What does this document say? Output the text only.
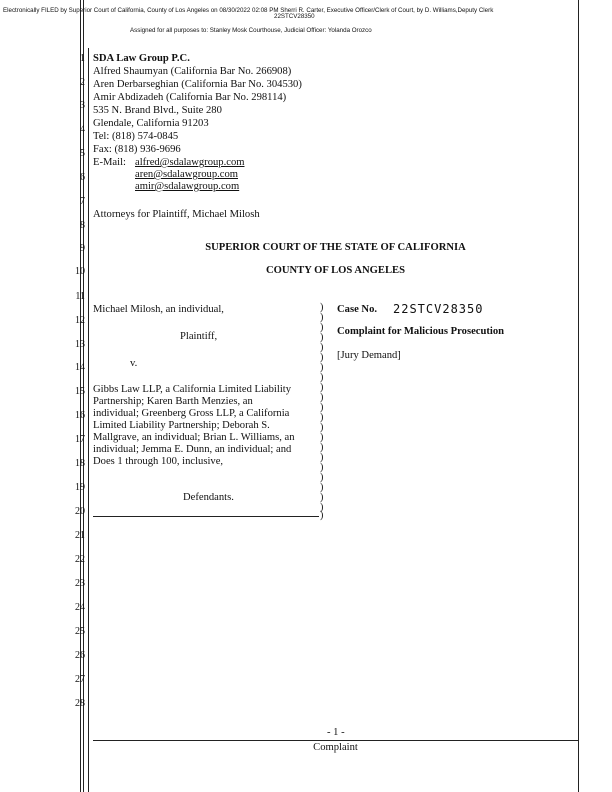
Electronically FILED by Superior Court of California, County of Los Angeles on 08/30/2022 02:08 PM Sherri R. Carter, Executive Officer/Clerk of Court, by D. Williams,Deputy Clerk
22STCV28350
Assigned for all purposes to: Stanley Mosk Courthouse, Judicial Officer: Yolanda Orozco
1
2
3
4
5
6
7
8
9
10
11
12
13
14
15
16
17
18
19
20
21
22
23
24
25
26
27
28
SDA Law Group P.C.
Alfred Shaumyan (California Bar No. 266908)
Aren Derbarseghian (California Bar No. 304530)
Amir Abdizadeh (California Bar No. 298114)
535 N. Brand Blvd., Suite 280
Glendale, California 91203
Tel: (818) 574-0845
Fax: (818) 936-9696
E-Mail: alfred@sdalawgroup.com
aren@sdalawgroup.com
amir@sdalawgroup.com
Attorneys for Plaintiff, Michael Milosh
SUPERIOR COURT OF THE STATE OF CALIFORNIA
COUNTY OF LOS ANGELES
Michael Milosh, an individual,
Plaintiff,
v.
Gibbs Law LLP, a California Limited Liability
Partnership; Karen Barth Menzies, an
individual; Greenberg Gross LLP, a California
Limited Liability Partnership; Deborah S.
Mallgrave, an individual; Brian L. Williams, an
individual; Jemma E. Dunn, an individual; and
Does 1 through 100, inclusive,
Defendants.
)
)
)
)
)
)
)
)
)
)
)
)
)
)
)
)
)
)
)
)
)
)
Case No. 22STCV28350
Complaint for Malicious Prosecution
[Jury Demand]
- 1 -
Complaint
